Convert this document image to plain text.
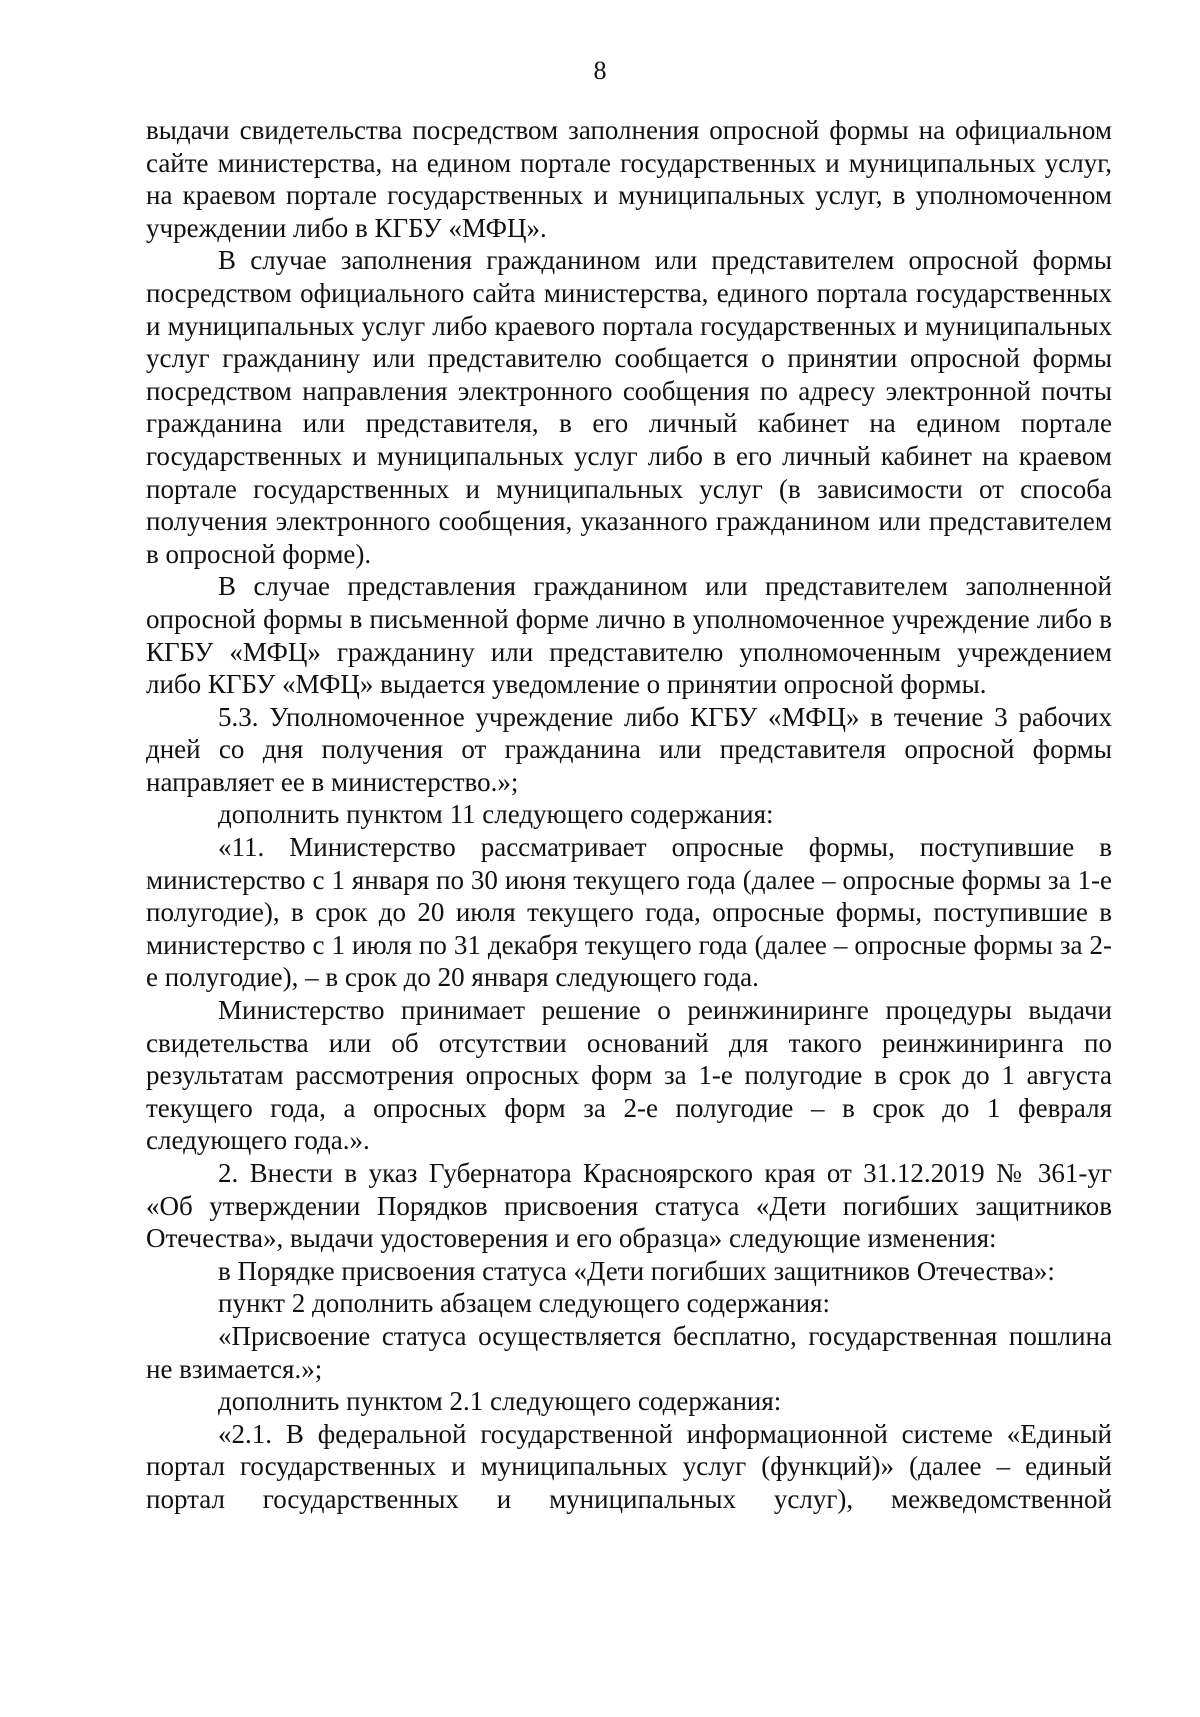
8

выдачи свидетельства посредством заполнения опросной формы на официальном сайте министерства, на едином портале государственных и муниципальных услуг, на краевом портале государственных и муниципальных услуг, в уполномоченном учреждении либо в КГБУ «МФЦ».

В случае заполнения гражданином или представителем опросной формы посредством официального сайта министерства, единого портала государственных и муниципальных услуг либо краевого портала государственных и муниципальных услуг гражданину или представителю сообщается о принятии опросной формы посредством направления электронного сообщения по адресу электронной почты гражданина или представителя, в его личный кабинет на едином портале государственных и муниципальных услуг либо в его личный кабинет на краевом портале государственных и муниципальных услуг (в зависимости от способа получения электронного сообщения, указанного гражданином или представителем в опросной форме).

В случае представления гражданином или представителем заполненной опросной формы в письменной форме лично в уполномоченное учреждение либо в КГБУ «МФЦ» гражданину или представителю уполномоченным учреждением либо КГБУ «МФЦ» выдается уведомление о принятии опросной формы.

5.3. Уполномоченное учреждение либо КГБУ «МФЦ» в течение 3 рабочих дней со дня получения от гражданина или представителя опросной формы направляет ее в министерство.»;

дополнить пунктом 11 следующего содержания:

«11. Министерство рассматривает опросные формы, поступившие в министерство с 1 января по 30 июня текущего года (далее – опросные формы за 1-е полугодие), в срок до 20 июля текущего года, опросные формы, поступившие в министерство с 1 июля по 31 декабря текущего года (далее – опросные формы за 2-е полугодие), – в срок до 20 января следующего года.

Министерство принимает решение о реинжиниринге процедуры выдачи свидетельства или об отсутствии оснований для такого реинжиниринга по результатам рассмотрения опросных форм за 1-е полугодие в срок до 1 августа текущего года, а опросных форм за 2-е полугодие – в срок до 1 февраля следующего года.».

2. Внести в указ Губернатора Красноярского края от 31.12.2019 № 361-уг «Об утверждении Порядков присвоения статуса «Дети погибших защитников Отечества», выдачи удостоверения и его образца» следующие изменения:

в Порядке присвоения статуса «Дети погибших защитников Отечества»:

пункт 2 дополнить абзацем следующего содержания:

«Присвоение статуса осуществляется бесплатно, государственная пошлина не взимается.»;

дополнить пунктом 2.1 следующего содержания:

«2.1. В федеральной государственной информационной системе «Единый портал государственных и муниципальных услуг (функций)» (далее – единый портал государственных и муниципальных услуг), межведомственной
